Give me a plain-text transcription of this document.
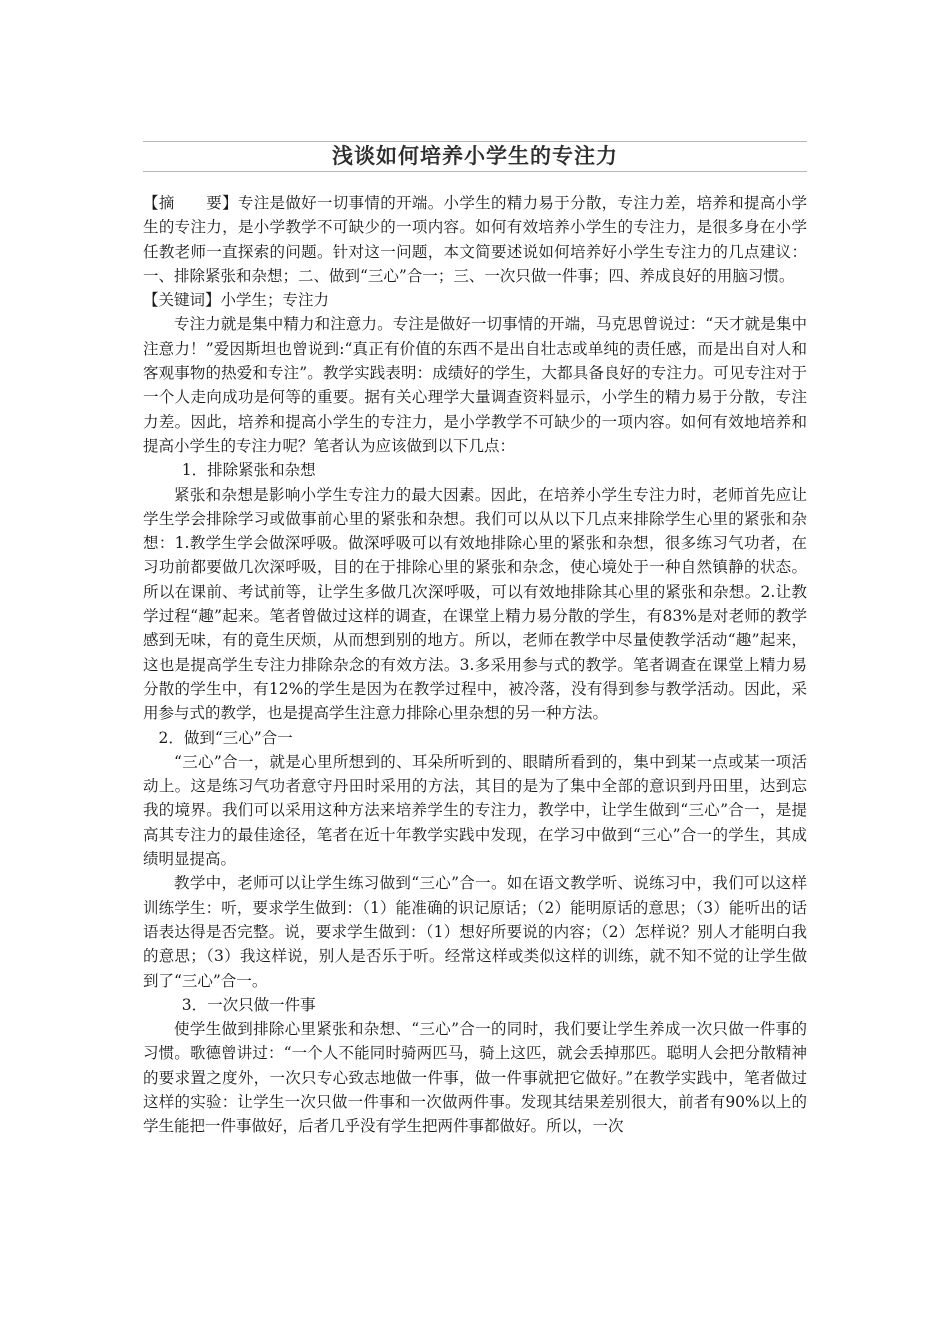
浅谈如何培养小学生的专注力

【摘　　要】专注是做好一切事情的开端。小学生的精力易于分散，专注力差，培养和提高小学生的专注力，是小学教学不可缺少的一项内容。如何有效培养小学生的专注力，是很多身在小学任教老师一直探索的问题。针对这一问题，本文简要述说如何培养好小学生专注力的几点建议：一、排除紧张和杂想；二、做到“三心”合一；三、一次只做一件事；四、养成良好的用脑习惯。

【关键词】小学生；专注力

专注力就是集中精力和注意力。专注是做好一切事情的开端，马克思曾说过：“天才就是集中注意力！”爱因斯坦也曾说到:“真正有价值的东西不是出自壮志或单纯的责任感，而是出自对人和客观事物的热爱和专注”。教学实践表明：成绩好的学生，大都具备良好的专注力。可见专注对于一个人走向成功是何等的重要。据有关心理学大量调查资料显示，小学生的精力易于分散，专注力差。因此，培养和提高小学生的专注力，是小学教学不可缺少的一项内容。如何有效地培养和提高小学生的专注力呢？笔者认为应该做到以下几点：

1．排除紧张和杂想

紧张和杂想是影响小学生专注力的最大因素。因此，在培养小学生专注力时，老师首先应让学生学会排除学习或做事前心里的紧张和杂想。我们可以从以下几点来排除学生心里的紧张和杂想：1.教学生学会做深呼吸。做深呼吸可以有效地排除心里的紧张和杂想，很多练习气功者，在习功前都要做几次深呼吸，目的在于排除心里的紧张和杂念，使心境处于一种自然镇静的状态。所以在课前、考试前等，让学生多做几次深呼吸，可以有效地排除其心里的紧张和杂想。2.让教学过程“趣”起来。笔者曾做过这样的调查，在课堂上精力易分散的学生，有83%是对老师的教学感到无味，有的竟生厌烦，从而想到别的地方。所以，老师在教学中尽量使教学活动“趣”起来，这也是提高学生专注力排除杂念的有效方法。3.多采用参与式的教学。笔者调查在课堂上精力易分散的学生中，有12%的学生是因为在教学过程中，被冷落，没有得到参与教学活动。因此，采用参与式的教学，也是提高学生注意力排除心里杂想的另一种方法。

2．做到“三心”合一

“三心”合一，就是心里所想到的、耳朵所听到的、眼睛所看到的，集中到某一点或某一项活动上。这是练习气功者意守丹田时采用的方法，其目的是为了集中全部的意识到丹田里，达到忘我的境界。我们可以采用这种方法来培养学生的专注力，教学中，让学生做到“三心”合一，是提高其专注力的最佳途径，笔者在近十年教学实践中发现，在学习中做到“三心”合一的学生，其成绩明显提高。

教学中，老师可以让学生练习做到“三心”合一。如在语文教学听、说练习中，我们可以这样训练学生：听，要求学生做到：（1）能准确的识记原话；（2）能明原话的意思；（3）能听出的话语表达得是否完整。说，要求学生做到：（1）想好所要说的内容；（2）怎样说？别人才能明白我的意思；（3）我这样说，别人是否乐于听。经常这样或类似这样的训练，就不知不觉的让学生做到了“三心”合一。

3．一次只做一件事

使学生做到排除心里紧张和杂想、“三心”合一的同时，我们要让学生养成一次只做一件事的习惯。歌德曾讲过：“一个人不能同时骑两匹马，骑上这匹，就会丢掉那匹。聪明人会把分散精神的要求置之度外，一次只专心致志地做一件事，做一件事就把它做好。”在教学实践中，笔者做过这样的实验：让学生一次只做一件事和一次做两件事。发现其结果差别很大，前者有90%以上的学生能把一件事做好，后者几乎没有学生把两件事都做好。所以，一次
